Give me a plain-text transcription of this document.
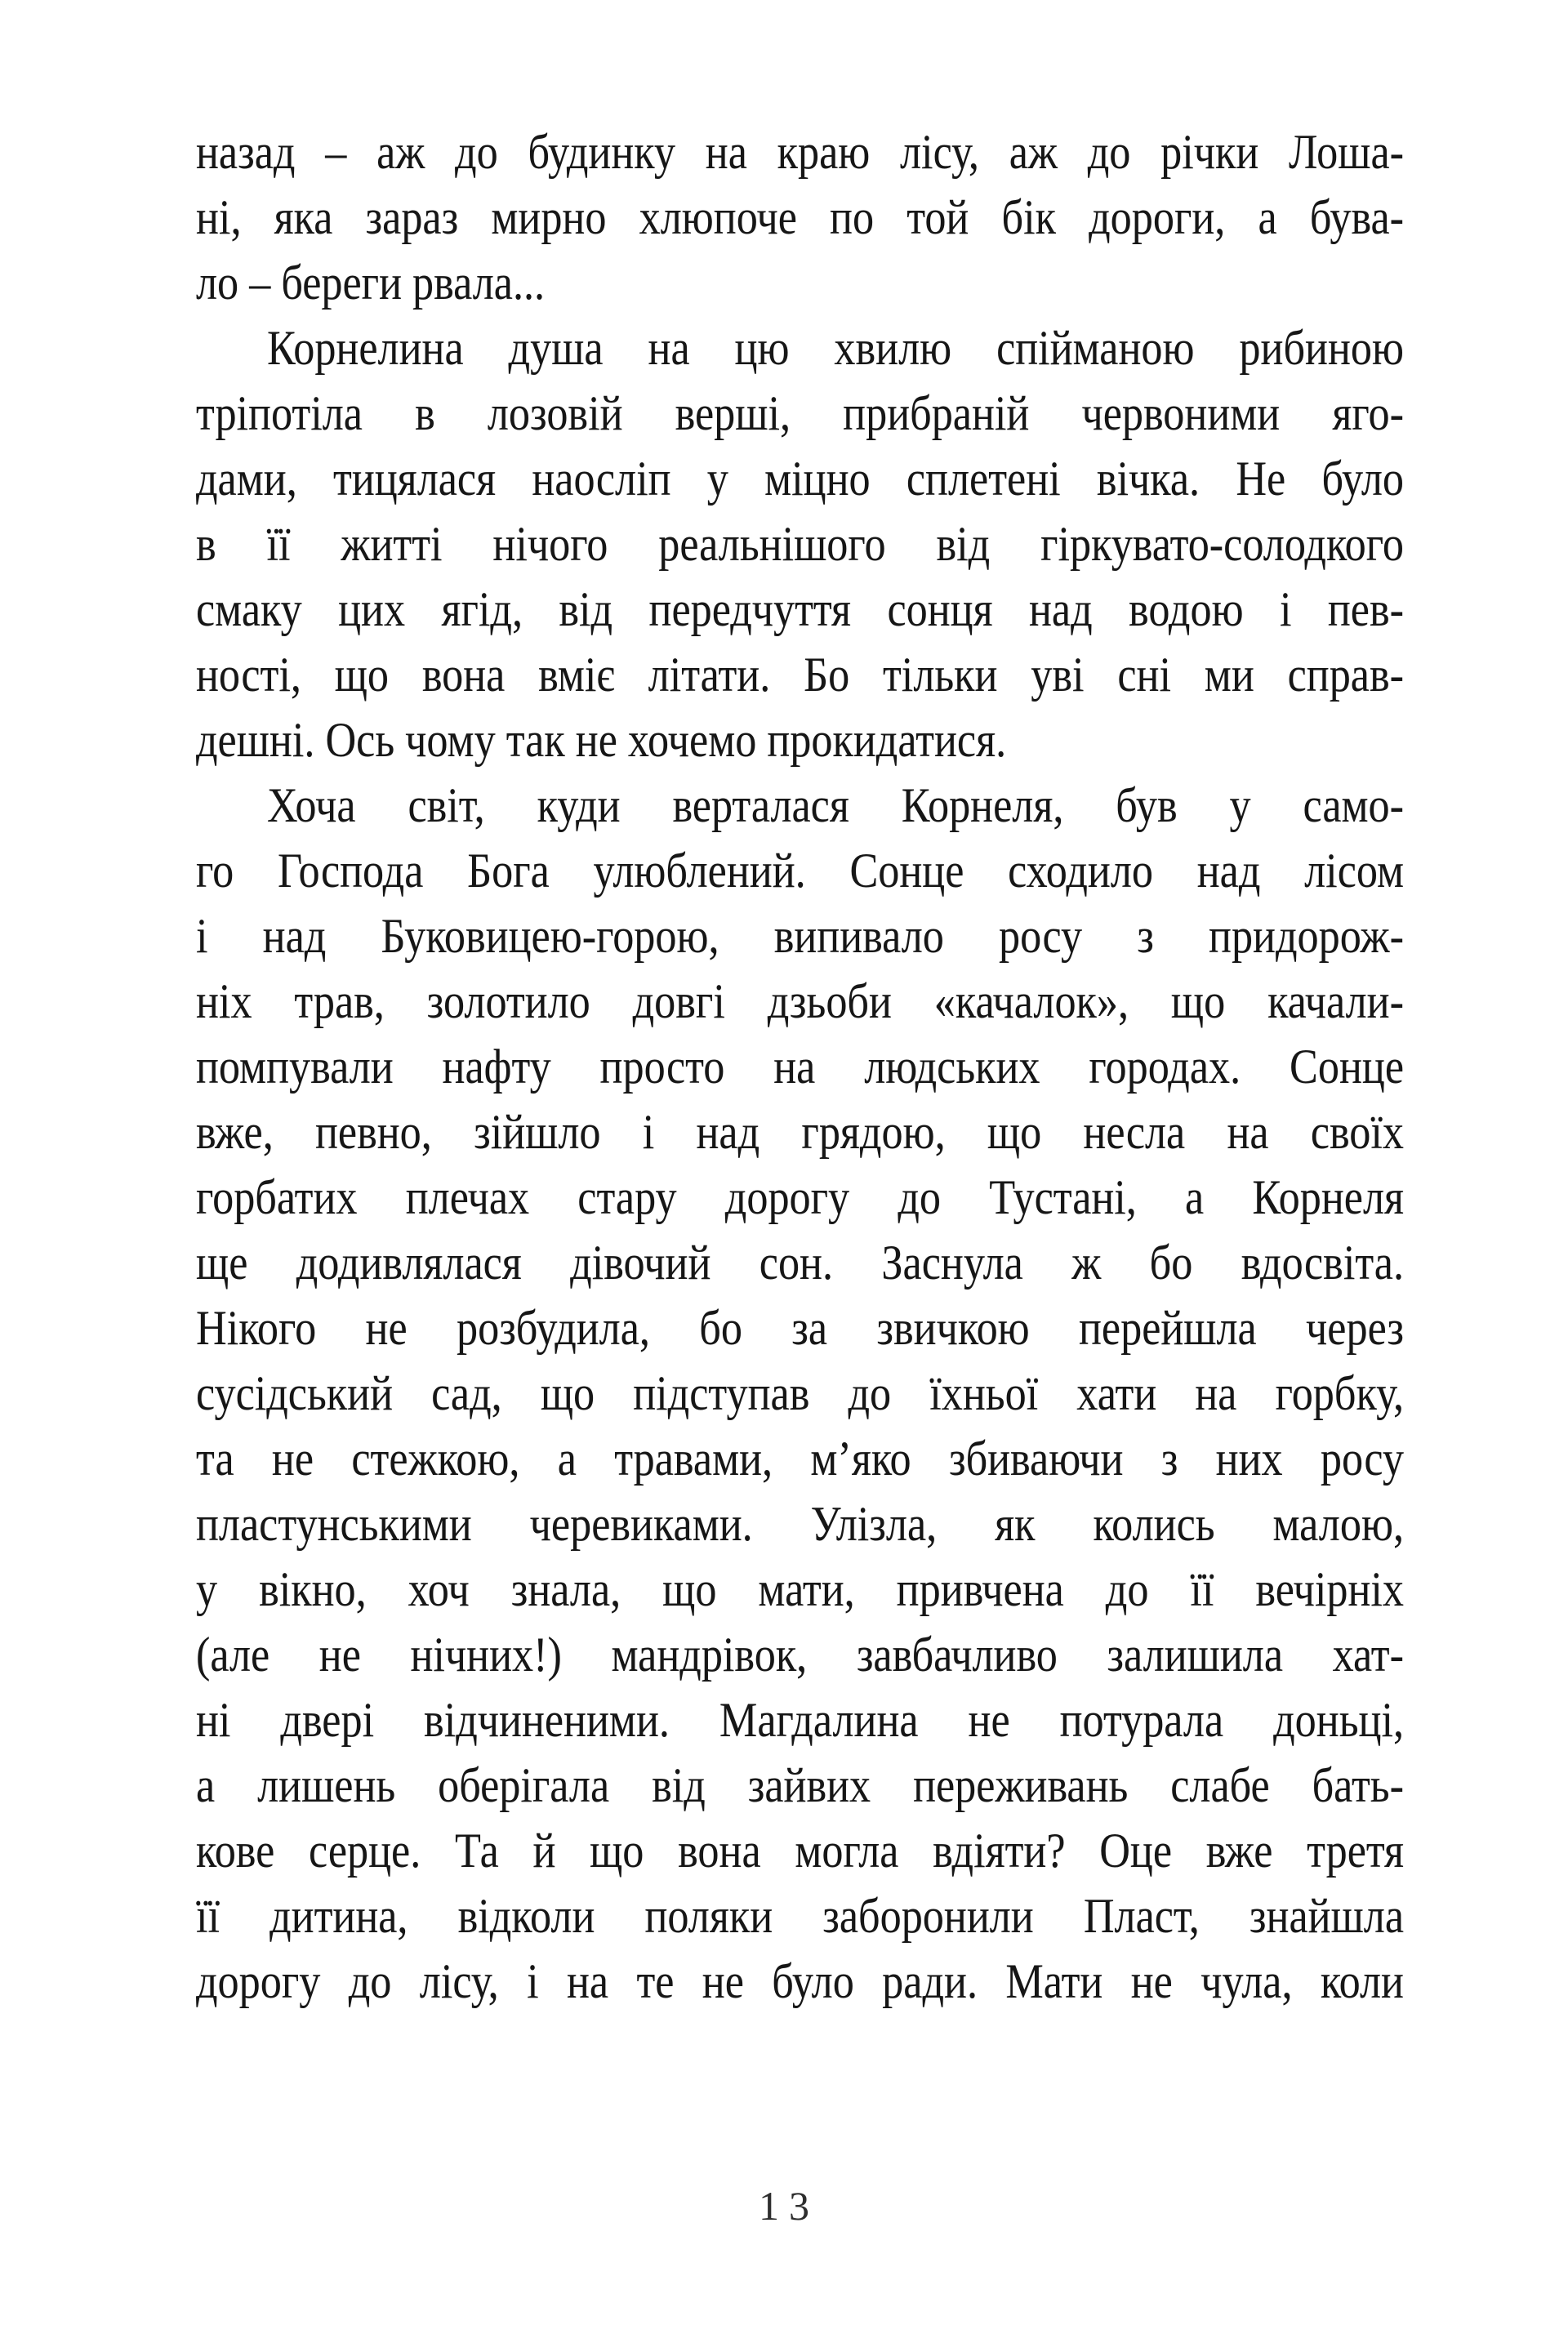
назад – аж до будинку на краю лісу, аж до річки Лоша-
ні, яка зараз мирно хлюпоче по той бік дороги, а бува-
ло – береги рвала...
Корнелина душа на цю хвилю спійманою рибиною
тріпотіла в лозовій верші, прибраній червоними яго-
дами, тицялася наосліп у міцно сплетені вічка. Не було
в її житті нічого реальнішого від гіркувато-солодкого
смаку цих ягід, від передчуття сонця над водою і пев-
ності, що вона вміє літати. Бо тільки уві сні ми справ-
дешні. Ось чому так не хочемо прокидатися.
Хоча світ, куди верталася Корнеля, був у само-
го Господа Бога улюблений. Сонце сходило над лісом
і над Буковицею-горою, випивало росу з придорож-
ніх трав, золотило довгі дзьоби «качалок», що качали-
помпували нафту просто на людських городах. Сонце
вже, певно, зійшло і над грядою, що несла на своїх
горбатих плечах стару дорогу до Тустані, а Корнеля
ще додивлялася дівочий сон. Заснула ж бо вдосвіта.
Нікого не розбудила, бо за звичкою перейшла через
сусідський сад, що підступав до їхньої хати на горбку,
та не стежкою, а травами, м’яко збиваючи з них росу
пластунськими черевиками. Улізла, як колись малою,
у вікно, хоч знала, що мати, привчена до її вечірніх
(але не нічних!) мандрівок, завбачливо залишила хат-
ні двері відчиненими. Магдалина не потурала доньці,
а лишень оберігала від зайвих переживань слабе бать-
кове серце. Та й що вона могла вдіяти? Оце вже третя
її дитина, відколи поляки заборонили Пласт, знайшла
дорогу до лісу, і на те не було ради. Мати не чула, коли
13
